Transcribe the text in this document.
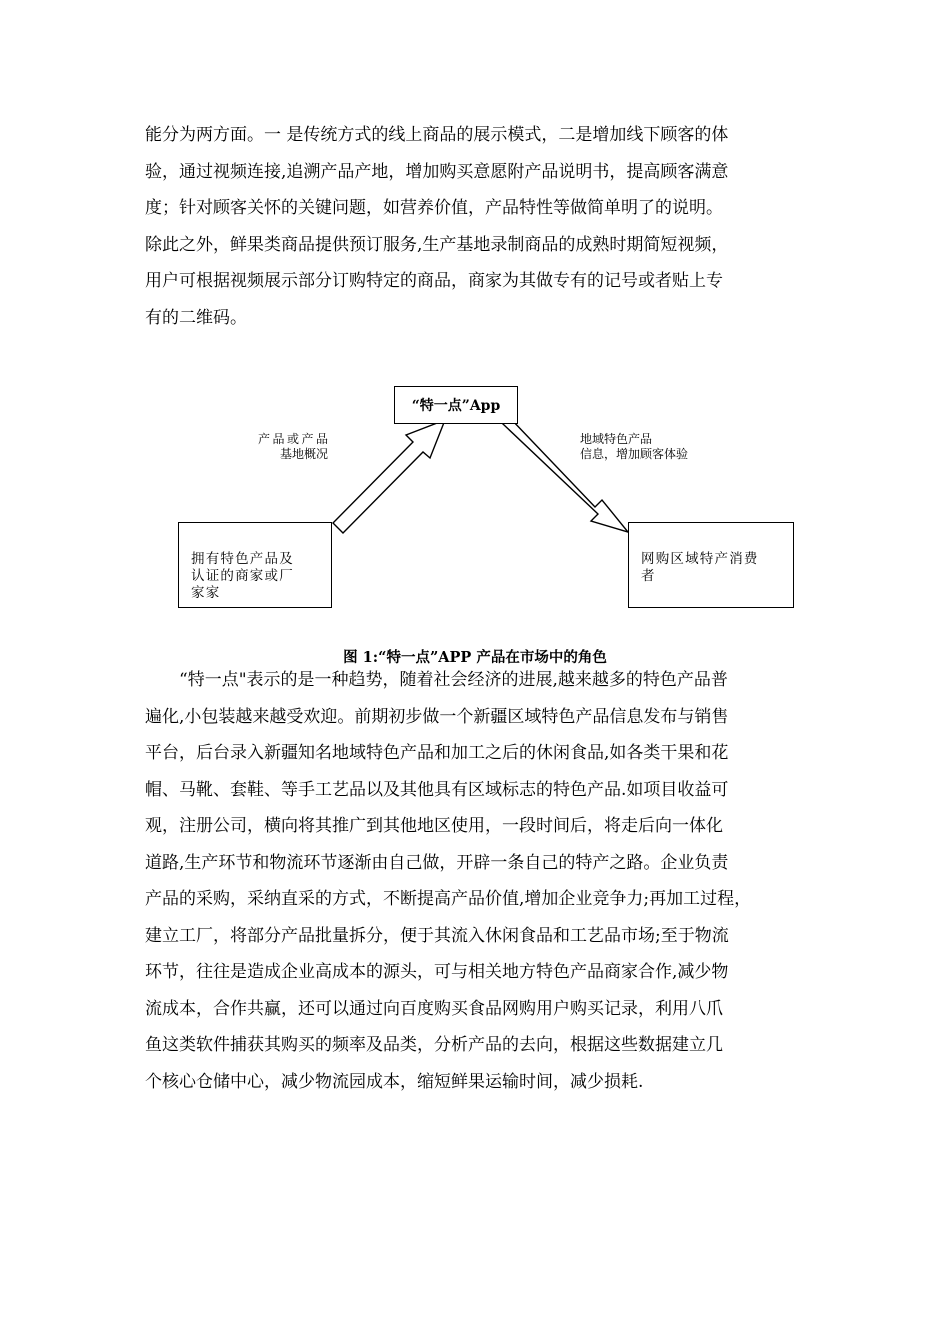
能分为两方面。一 是传统方式的线上商品的展示模式，二是增加线下顾客的体
验，通过视频连接,追溯产品产地，增加购买意愿附产品说明书，提高顾客满意
度；针对顾客关怀的关键问题，如营养价值，产品特性等做简单明了的说明。
除此之外，鲜果类商品提供预订服务,生产基地录制商品的成熟时期简短视频，
用户可根据视频展示部分订购特定的商品，商家为其做专有的记号或者贴上专
有的二维码。
“特一点”App
拥有特色产品及
认证的商家或厂
家家
网购区域特产消费
者
产品或产品
基地概况
地域特色产品
信息，增加顾客体验
图 1:“特一点”APP 产品在市场中的角色
　　“特一点"表示的是一种趋势，随着社会经济的进展,越来越多的特色产品普
遍化,小包装越来越受欢迎。前期初步做一个新疆区域特色产品信息发布与销售
平台，后台录入新疆知名地域特色产品和加工之后的休闲食品,如各类干果和花
帽、马靴、套鞋、等手工艺品以及其他具有区域标志的特色产品.如项目收益可
观，注册公司，横向将其推广到其他地区使用，一段时间后，将走后向一体化
道路,生产环节和物流环节逐渐由自己做，开辟一条自己的特产之路。企业负责
产品的采购，采纳直采的方式，不断提高产品价值,增加企业竞争力;再加工过程，
建立工厂，将部分产品批量拆分，便于其流入休闲食品和工艺品市场;至于物流
环节，往往是造成企业高成本的源头，可与相关地方特色产品商家合作,减少物
流成本，合作共赢，还可以通过向百度购买食品网购用户购买记录，利用八爪
鱼这类软件捕获其购买的频率及品类，分析产品的去向，根据这些数据建立几
个核心仓储中心，减少物流园成本，缩短鲜果运输时间，减少损耗.
